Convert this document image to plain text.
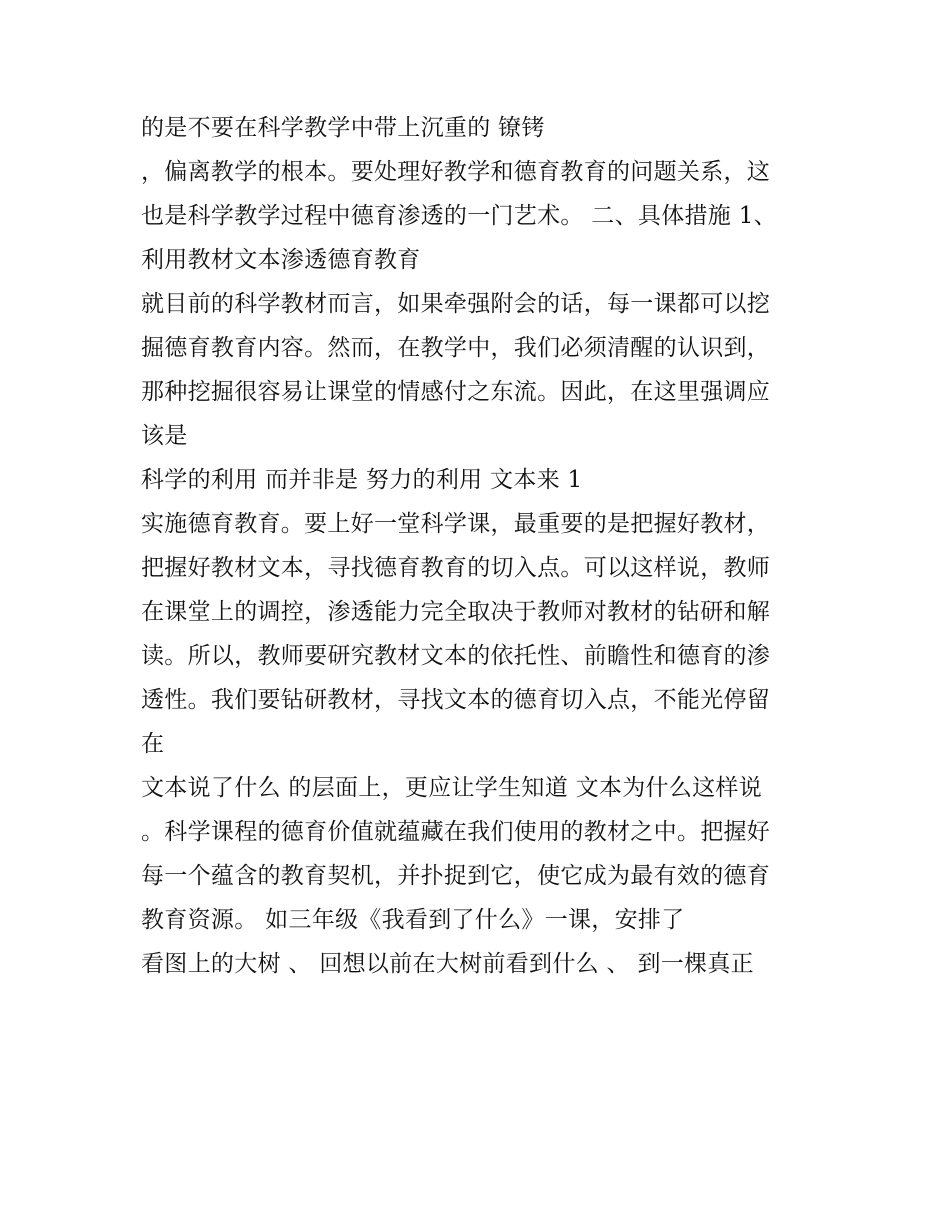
的是不要在科学教学中带上沉重的 镣铐
，偏离教学的根本。要处理好教学和德育教育的问题关系，这
也是科学教学过程中德育渗透的一门艺术。 二、具体措施 1、
利用教材文本渗透德育教育
就目前的科学教材而言，如果牵强附会的话，每一课都可以挖
掘德育教育内容。然而，在教学中，我们必须清醒的认识到，
那种挖掘很容易让课堂的情感付之东流。因此，在这里强调应
该是
科学的利用 而并非是 努力的利用 文本来 1
实施德育教育。要上好一堂科学课，最重要的是把握好教材，
把握好教材文本，寻找德育教育的切入点。可以这样说，教师
在课堂上的调控，渗透能力完全取决于教师对教材的钻研和解
读。所以，教师要研究教材文本的依托性、前瞻性和德育的渗
透性。我们要钻研教材，寻找文本的德育切入点，不能光停留
在
文本说了什么 的层面上，更应让学生知道 文本为什么这样说
。科学课程的德育价值就蕴藏在我们使用的教材之中。把握好
每一个蕴含的教育契机，并扑捉到它，使它成为最有效的德育
教育资源。 如三年级《我看到了什么》一课，安排了
看图上的大树 、 回想以前在大树前看到什么 、 到一棵真正
